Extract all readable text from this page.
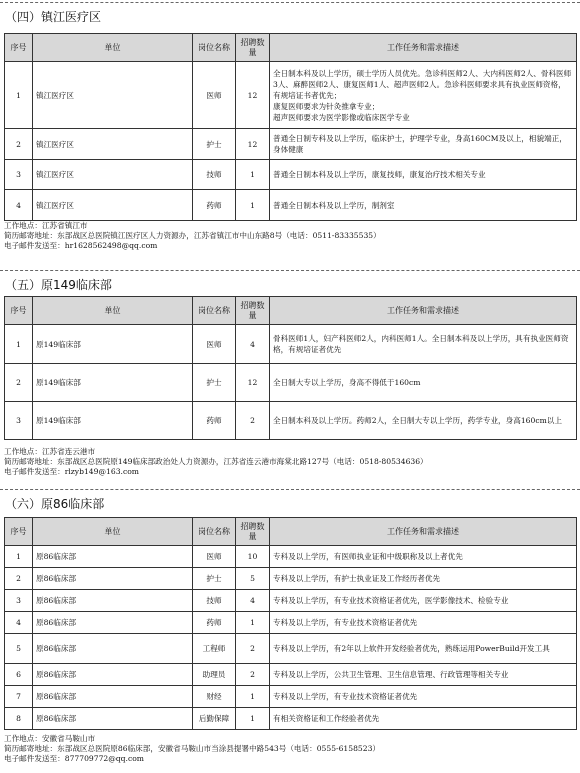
（四）镇江医疗区
序号	单位	岗位名称	招聘数量	工作任务和需求描述
1	镇江医疗区	医师	12	全日制本科及以上学历，硕士学历人员优先。急诊科医师2人、大内科医师2人、骨科医师3人、麻醉医师2人、康复医师1人、超声医师2人。急诊科医师要求具有执业医师资格，有规培证书者优先；
康复医师要求为针灸推拿专业；
超声医师要求为医学影像或临床医学专业

2	镇江医疗区	护士	12	普通全日制专科及以上学历，临床护士，护理学专业，身高160CM及以上，相貌端正，身体健康

3	镇江医疗区	技师	1	普通全日制本科及以上学历，康复技师，康复治疗技术相关专业

4	镇江医疗区	药师	1	普通全日制本科及以上学历，制剂室
工作地点：江苏省镇江市
简历邮寄地址：东部战区总医院镇江医疗区人力资源办，江苏省镇江市中山东路8号（电话：0511-83335535）
电子邮件发送至：hr1628562498@qq.com
（五）原149临床部
序号	单位	岗位名称	招聘数量	工作任务和需求描述
1	原149临床部	医师	4	骨科医师1人，妇产科医师2人，内科医师1人。全日制本科及以上学历，具有执业医师资格，有规培证者优先

2	原149临床部	护士	12	全日制大专以上学历，身高不得低于160cm

3	原149临床部	药师	2	全日制本科及以上学历。药师2人，全日制大专以上学历，药学专业，身高160cm以上
工作地点：江苏省连云港市
简历邮寄地址：东部战区总医院原149临床部政治处人力资源办，江苏省连云港市海棠北路127号（电话：0518-80534636）
电子邮件发送至：rlzyb149@163.com
（六）原86临床部
序号	单位	岗位名称	招聘数量	工作任务和需求描述
1	原86临床部	医师	10	专科及以上学历，有医师执业证和中级职称及以上者优先

2	原86临床部	护士	5	专科及以上学历，有护士执业证及工作经历者优先

3	原86临床部	技师	4	专科及以上学历，有专业技术资格证者优先，医学影像技术、检验专业

4	原86临床部	药师	1	专科及以上学历，有专业技术资格证者优先

5	原86临床部	工程师	2	专科及以上学历，有2年以上软件开发经验者优先，熟练运用PowerBuild开发工具

6	原86临床部	助理员	2	专科及以上学历，公共卫生管理、卫生信息管理、行政管理等相关专业

7	原86临床部	财经	1	专科及以上学历，有专业技术资格证者优先

8	原86临床部	后勤保障	1	有相关资格证和工作经验者优先
工作地点：安徽省马鞍山市
简历邮寄地址：东部战区总医院原86临床部，安徽省马鞍山市当涂县提署中路543号（电话：0555-6158523）
电子邮件发送至：877709772@qq.com
